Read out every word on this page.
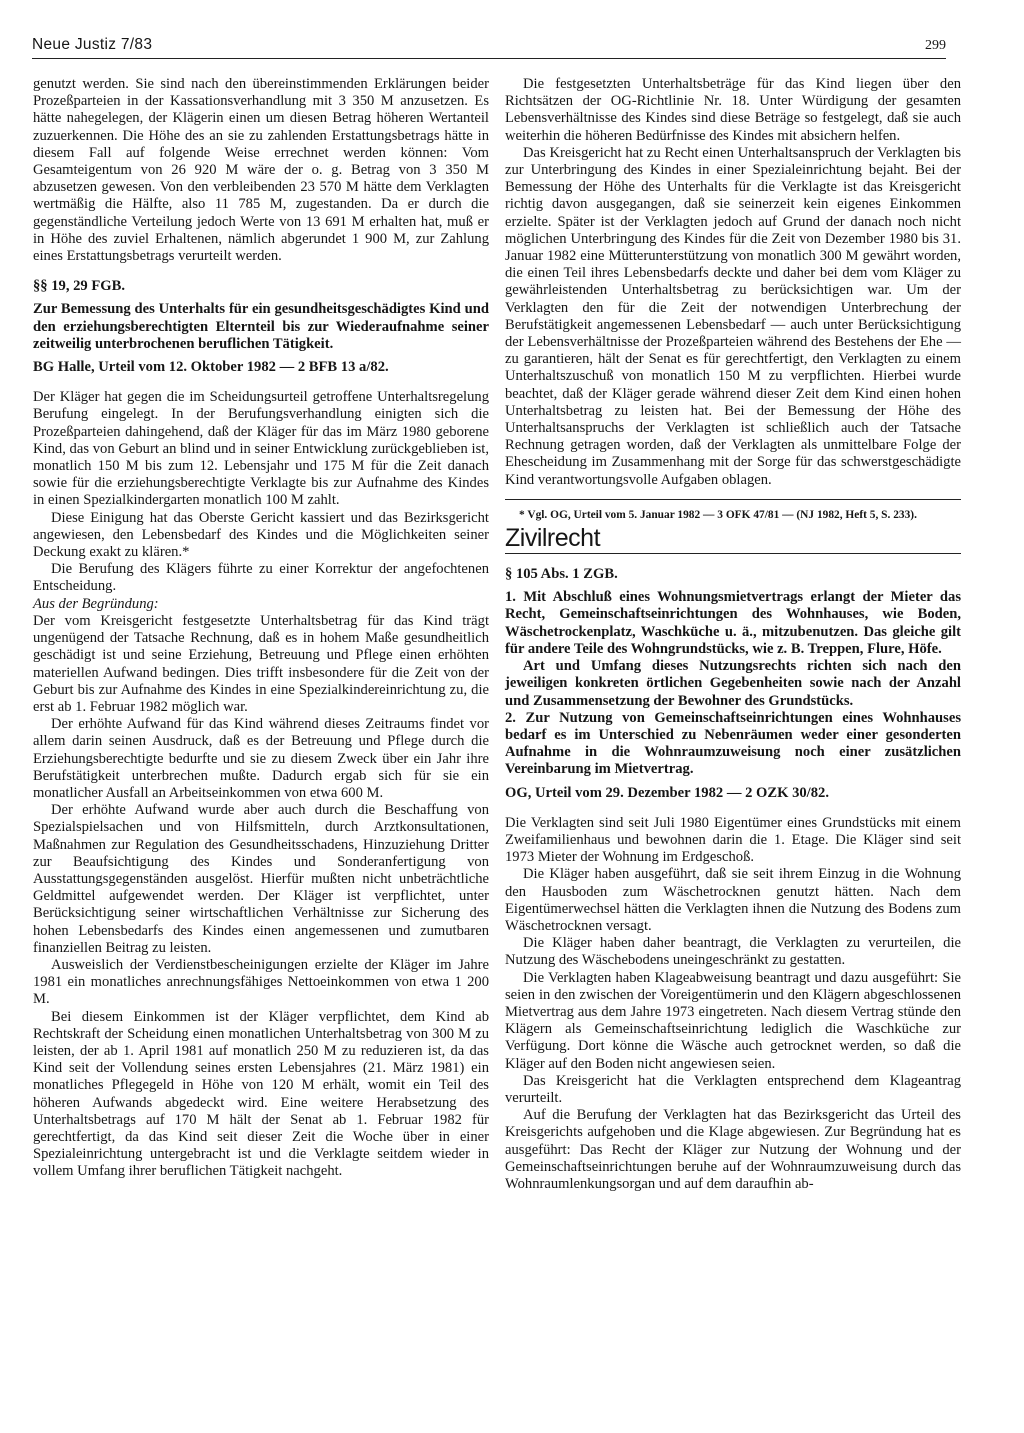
Neue Justiz 7/83	299

genutzt werden. Sie sind nach den übereinstimmenden Erklärungen beider Prozeßparteien in der Kassationsverhandlung mit 3 350 M anzusetzen. Es hätte nahegelegen, der Klägerin einen um diesen Betrag höheren Wertanteil zuzuerkennen. Die Höhe des an sie zu zahlenden Erstattungsbetrags hätte in diesem Fall auf folgende Weise errechnet werden können: Vom Gesamteigentum von 26 920 M wäre der o. g. Betrag von 3 350 M abzusetzen gewesen. Von den verbleibenden 23 570 M hätte dem Verklagten wertmäßig die Hälfte, also 11 785 M, zugestanden. Da er durch die gegenständliche Verteilung jedoch Werte von 13 691 M erhalten hat, muß er in Höhe des zuviel Erhaltenen, nämlich abgerundet 1 900 M, zur Zahlung eines Erstattungsbetrags verurteilt werden.

§§ 19, 29 FGB.

Zur Bemessung des Unterhalts für ein gesundheitsgeschädigtes Kind und den erziehungsberechtigten Elternteil bis zur Wiederaufnahme seiner zeitweilig unterbrochenen beruflichen Tätigkeit.

BG Halle, Urteil vom 12. Oktober 1982 — 2 BFB 13 a/82.

Der Kläger hat gegen die im Scheidungsurteil getroffene Unterhaltsregelung Berufung eingelegt. In der Berufungsverhandlung einigten sich die Prozeßparteien dahingehend, daß der Kläger für das im März 1980 geborene Kind, das von Geburt an blind und in seiner Entwicklung zurückgeblieben ist, monatlich 150 M bis zum 12. Lebensjahr und 175 M für die Zeit danach sowie für die erziehungsberechtigte Verklagte bis zur Aufnahme des Kindes in einen Spezialkindergarten monatlich 100 M zahlt.

Diese Einigung hat das Oberste Gericht kassiert und das Bezirksgericht angewiesen, den Lebensbedarf des Kindes und die Möglichkeiten seiner Deckung exakt zu klären.*

Die Berufung des Klägers führte zu einer Korrektur der angefochtenen Entscheidung.

Aus der Begründung:

Der vom Kreisgericht festgesetzte Unterhaltsbetrag für das Kind trägt ungenügend der Tatsache Rechnung, daß es in hohem Maße gesundheitlich geschädigt ist und seine Erziehung, Betreuung und Pflege einen erhöhten materiellen Aufwand bedingen. Dies trifft insbesondere für die Zeit von der Geburt bis zur Aufnahme des Kindes in eine Spezialkindereinrichtung zu, die erst ab 1. Februar 1982 möglich war.

Der erhöhte Aufwand für das Kind während dieses Zeitraums findet vor allem darin seinen Ausdruck, daß es der Betreuung und Pflege durch die Erziehungsberechtigte bedurfte und sie zu diesem Zweck über ein Jahr ihre Berufstätigkeit unterbrechen mußte. Dadurch ergab sich für sie ein monatlicher Ausfall an Arbeitseinkommen von etwa 600 M.

Der erhöhte Aufwand wurde aber auch durch die Beschaffung von Spezialspielsachen und von Hilfsmitteln, durch Arztkonsultationen, Maßnahmen zur Regulation des Gesundheitsschadens, Hinzuziehung Dritter zur Beaufsichtigung des Kindes und Sonderanfertigung von Ausstattungsgegenständen ausgelöst. Hierfür mußten nicht unbeträchtliche Geldmittel aufgewendet werden. Der Kläger ist verpflichtet, unter Berücksichtigung seiner wirtschaftlichen Verhältnisse zur Sicherung des hohen Lebensbedarfs des Kindes einen angemessenen und zumutbaren finanziellen Beitrag zu leisten.

Ausweislich der Verdienstbescheinigungen erzielte der Kläger im Jahre 1981 ein monatliches anrechnungsfähiges Nettoeinkommen von etwa 1 200 M.

Bei diesem Einkommen ist der Kläger verpflichtet, dem Kind ab Rechtskraft der Scheidung einen monatlichen Unterhaltsbetrag von 300 M zu leisten, der ab 1. April 1981 auf monatlich 250 M zu reduzieren ist, da das Kind seit der Vollendung seines ersten Lebensjahres (21. März 1981) ein monatliches Pflegegeld in Höhe von 120 M erhält, womit ein Teil des höheren Aufwands abgedeckt wird. Eine weitere Herabsetzung des Unterhaltsbetrags auf 170 M hält der Senat ab 1. Februar 1982 für gerechtfertigt, da das Kind seit dieser Zeit die Woche über in einer Spezialeinrichtung untergebracht ist und die Verklagte seitdem wieder in vollem Umfang ihrer beruflichen Tätigkeit nachgeht.

Die festgesetzten Unterhaltsbeträge für das Kind liegen über den Richtsätzen der OG-Richtlinie Nr. 18. Unter Würdigung der gesamten Lebensverhältnisse des Kindes sind diese Beträge so festgelegt, daß sie auch weiterhin die höheren Bedürfnisse des Kindes mit absichern helfen.

Das Kreisgericht hat zu Recht einen Unterhaltsanspruch der Verklagten bis zur Unterbringung des Kindes in einer Spezialeinrichtung bejaht. Bei der Bemessung der Höhe des Unterhalts für die Verklagte ist das Kreisgericht richtig davon ausgegangen, daß sie seinerzeit kein eigenes Einkommen erzielte. Später ist der Verklagten jedoch auf Grund der danach noch nicht möglichen Unterbringung des Kindes für die Zeit von Dezember 1980 bis 31. Januar 1982 eine Mütterunterstützung von monatlich 300 M gewährt worden, die einen Teil ihres Lebensbedarfs deckte und daher bei dem vom Kläger zu gewährleistenden Unterhaltsbetrag zu berücksichtigen war. Um der Verklagten den für die Zeit der notwendigen Unterbrechung der Berufstätigkeit angemessenen Lebensbedarf — auch unter Berücksichtigung der Lebensverhältnisse der Prozeßparteien während des Bestehens der Ehe — zu garantieren, hält der Senat es für gerechtfertigt, den Verklagten zu einem Unterhaltszuschuß von monatlich 150 M zu verpflichten. Hierbei wurde beachtet, daß der Kläger gerade während dieser Zeit dem Kind einen hohen Unterhaltsbetrag zu leisten hat. Bei der Bemessung der Höhe des Unterhaltsanspruchs der Verklagten ist schließlich auch der Tatsache Rechnung getragen worden, daß der Verklagten als unmittelbare Folge der Ehescheidung im Zusammenhang mit der Sorge für das schwerstgeschädigte Kind verantwortungsvolle Aufgaben oblagen.

* Vgl. OG, Urteil vom 5. Januar 1982 — 3 OFK 47/81 — (NJ 1982, Heft 5, S. 233).

Zivilrecht

§ 105 Abs. 1 ZGB.

1. Mit Abschluß eines Wohnungsmietvertrags erlangt der Mieter das Recht, Gemeinschaftseinrichtungen des Wohnhauses, wie Boden, Wäschetrockenplatz, Waschküche u. ä., mitzubenutzen. Das gleiche gilt für andere Teile des Wohngrundstücks, wie z. B. Treppen, Flure, Höfe.

Art und Umfang dieses Nutzungsrechts richten sich nach den jeweiligen konkreten örtlichen Gegebenheiten sowie nach der Anzahl und Zusammensetzung der Bewohner des Grundstücks.

2. Zur Nutzung von Gemeinschaftseinrichtungen eines Wohnhauses bedarf es im Unterschied zu Nebenräumen weder einer gesonderten Aufnahme in die Wohnraumzuweisung noch einer zusätzlichen Vereinbarung im Mietvertrag.

OG, Urteil vom 29. Dezember 1982 — 2 OZK 30/82.

Die Verklagten sind seit Juli 1980 Eigentümer eines Grundstücks mit einem Zweifamilienhaus und bewohnen darin die 1. Etage. Die Kläger sind seit 1973 Mieter der Wohnung im Erdgeschoß.

Die Kläger haben ausgeführt, daß sie seit ihrem Einzug in die Wohnung den Hausboden zum Wäschetrocknen genutzt hätten. Nach dem Eigentümerwechsel hätten die Verklagten ihnen die Nutzung des Bodens zum Wäschetrocknen versagt.

Die Kläger haben daher beantragt, die Verklagten zu verurteilen, die Nutzung des Wäschebodens uneingeschränkt zu gestatten.

Die Verklagten haben Klageabweisung beantragt und dazu ausgeführt: Sie seien in den zwischen der Voreigentümerin und den Klägern abgeschlossenen Mietvertrag aus dem Jahre 1973 eingetreten. Nach diesem Vertrag stünde den Klägern als Gemeinschaftseinrichtung lediglich die Waschküche zur Verfügung. Dort könne die Wäsche auch getrocknet werden, so daß die Kläger auf den Boden nicht angewiesen seien.

Das Kreisgericht hat die Verklagten entsprechend dem Klageantrag verurteilt.

Auf die Berufung der Verklagten hat das Bezirksgericht das Urteil des Kreisgerichts aufgehoben und die Klage abgewiesen. Zur Begründung hat es ausgeführt: Das Recht der Kläger zur Nutzung der Wohnung und der Gemeinschaftseinrichtungen beruhe auf der Wohnraumzuweisung durch das Wohnraumlenkungsorgan und auf dem daraufhin ab-
